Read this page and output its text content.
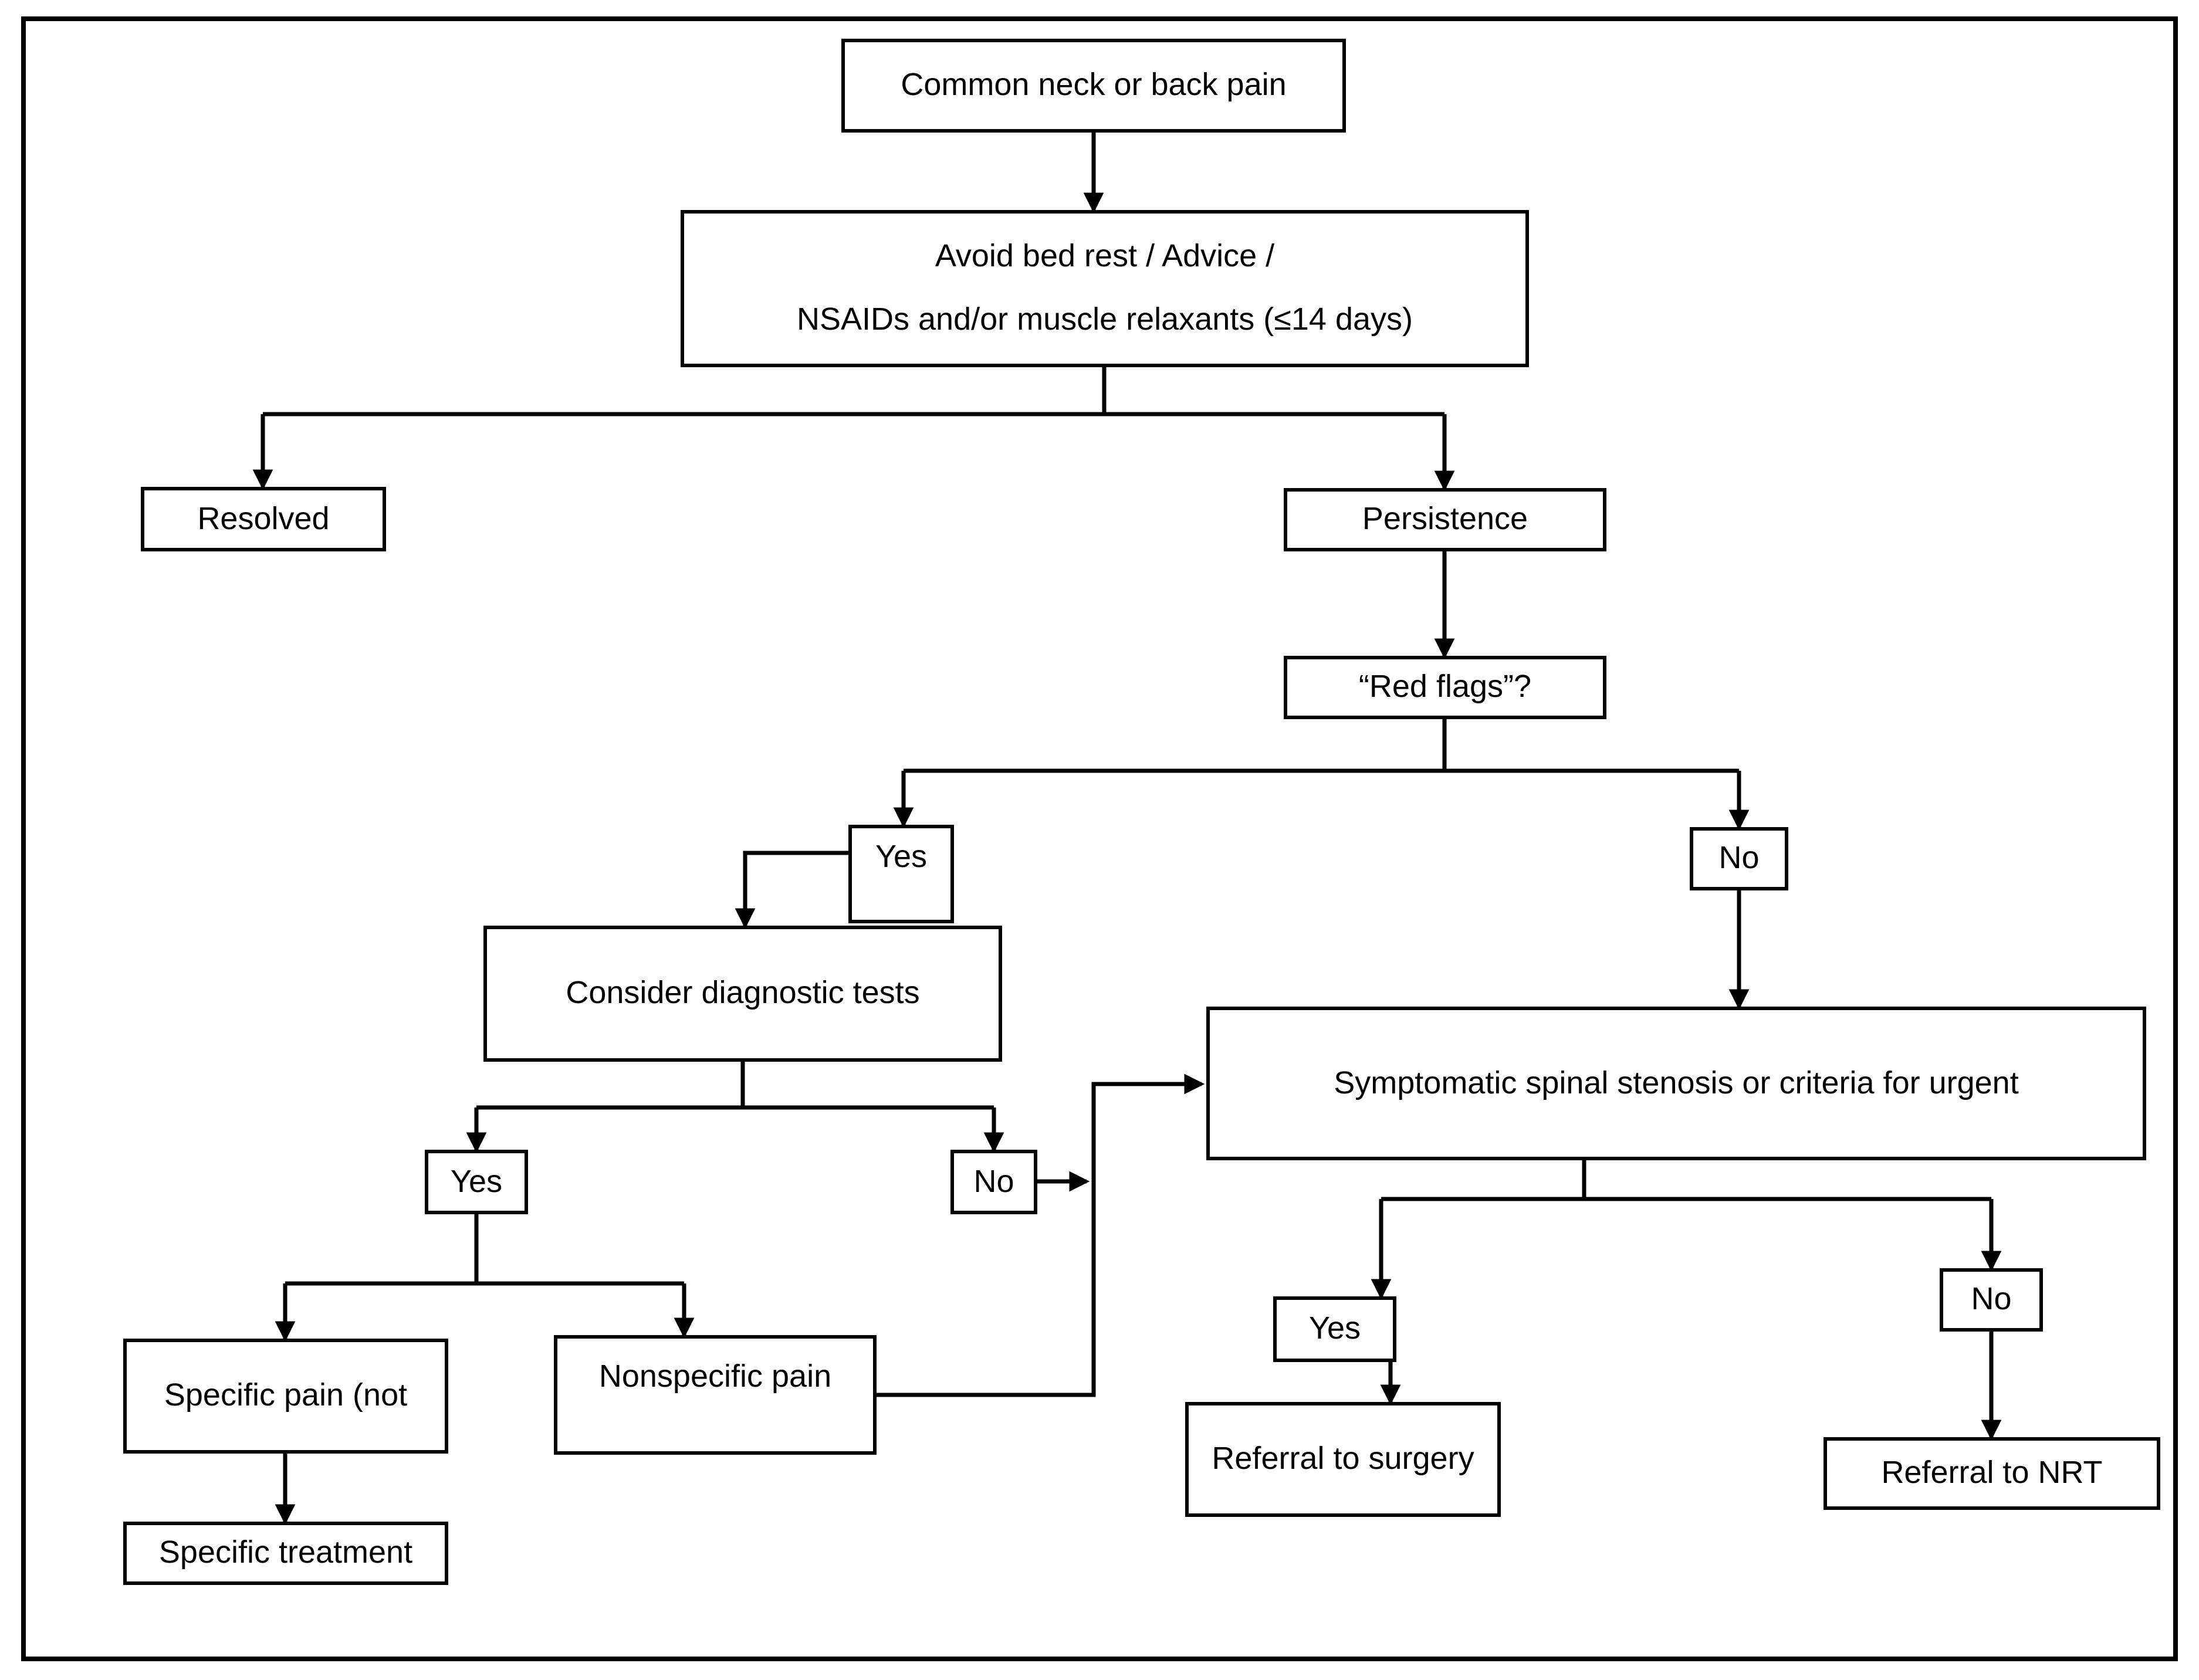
Common neck or back pain
Avoid bed rest / Advice /
NSAIDs and/or muscle relaxants (≤14 days)
Resolved	Persistence
“Red flags”?
Yes	No
Consider diagnostic tests
Symptomatic spinal stenosis or criteria for urgent
Yes	No
Specific pain (not
Nonspecific pain
Specific treatment
Yes
No
Referral to surgery	Referral to NRT
